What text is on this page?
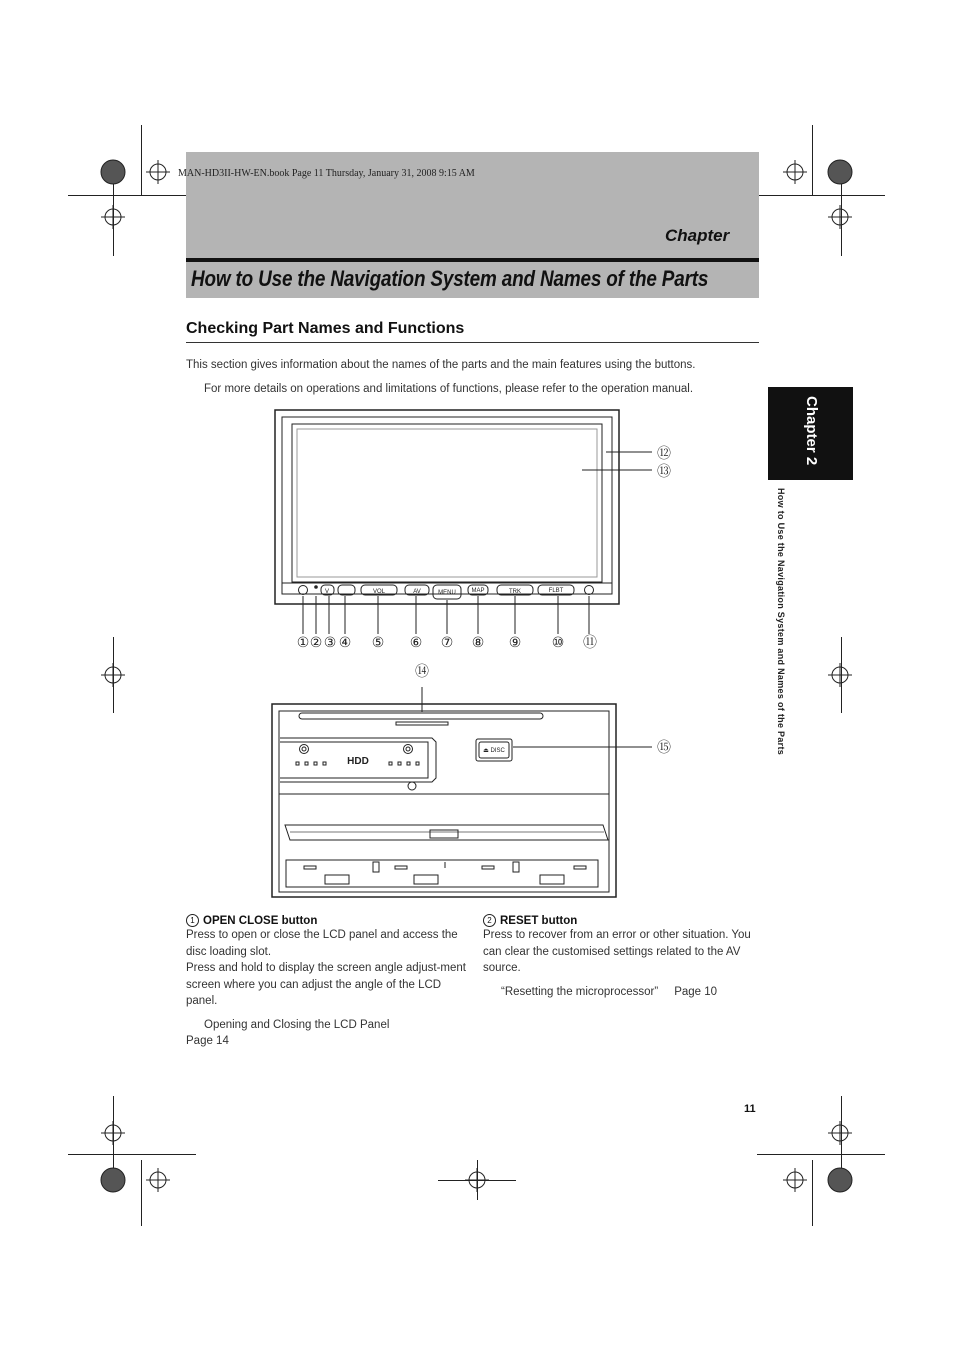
MAN-HD3II-HW-EN.book Page 11 Thursday, January 31, 2008 9:15 AM
Chapter
How to Use the Navigation System and Names of the Parts
Checking Part Names and Functions
This section gives information about the names of the parts and the main features using the buttons.
For more details on operations and limitations of functions, please refer to the operation manual.
Chapter 2
How to Use the Navigation System and Names of the Parts
V	VOL	AV	MENU	MAP	TRK	FLBT
HDD
⏏ DISC
① ② ③ ④ ⑤ ⑥ ⑦ ⑧ ⑨ ⑩ ⑪
⑫
⑬
⑭
⑮
1 OPEN CLOSE button
Press to open or close the LCD panel and access the disc loading slot.
Press and hold to display the screen angle adjust-ment screen where you can adjust the angle of the LCD panel.
Opening and Closing the LCD Panel
Page 14
2 RESET button
Press to recover from an error or other situation. You can clear the customised settings related to the AV source.
“Resetting the microprocessor” Page 10
11
